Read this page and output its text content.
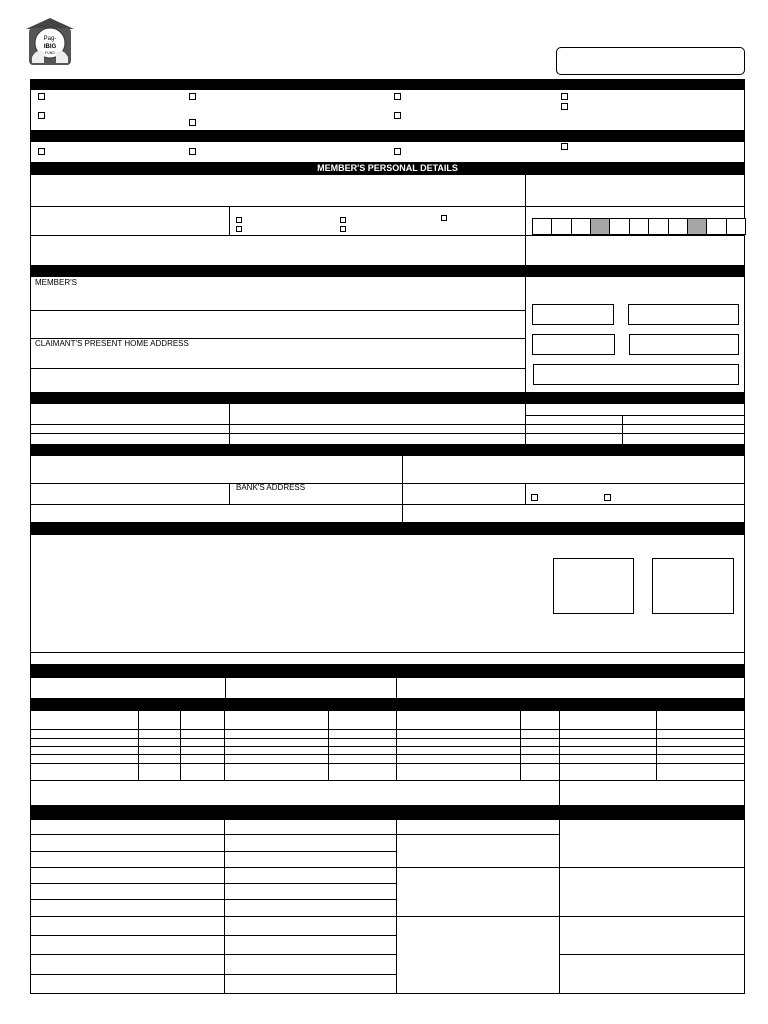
Pag-
IBIG
FUND
MEMBER'S PERSONAL DETAILS
MEMBER'S
CLAIMANT'S PRESENT HOME ADDRESS
BANK'S ADDRESS
